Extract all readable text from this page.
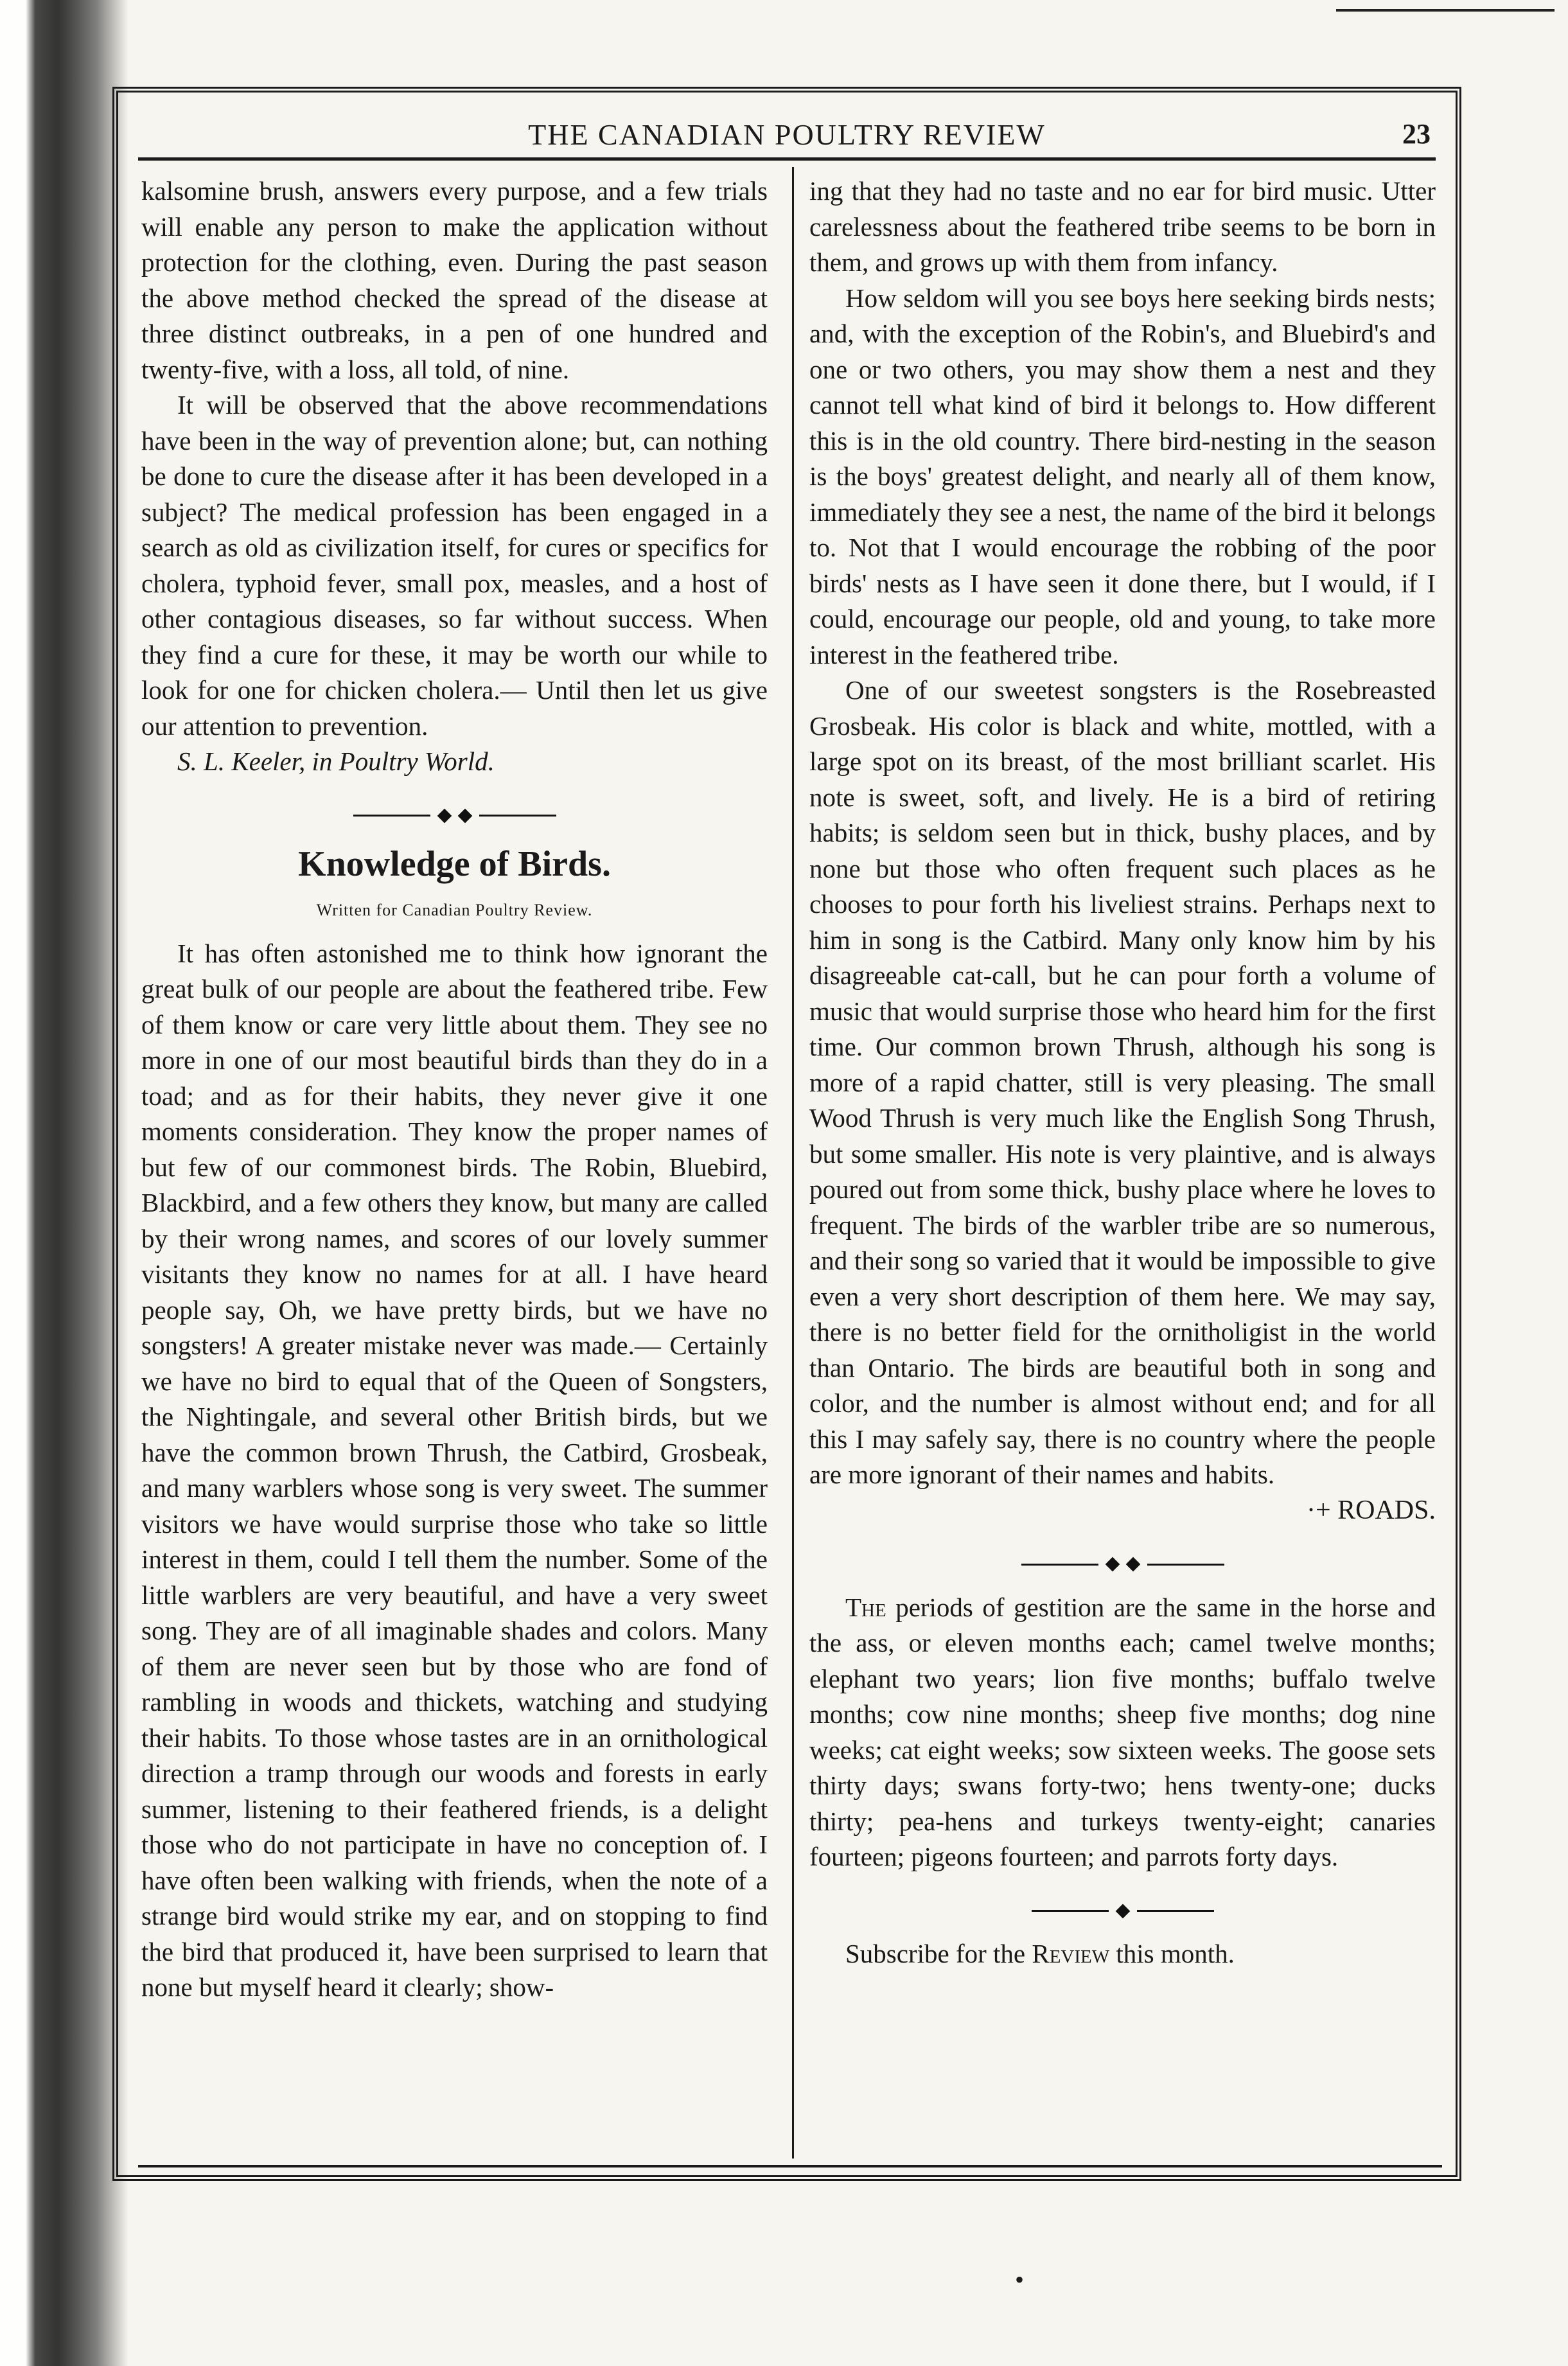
THE CANADIAN POULTRY REVIEW	23

kalsomine brush, answers every purpose, and a few trials will enable any person to make the application without protection for the clothing, even. During the past season the above method checked the spread of the disease at three distinct outbreaks, in a pen of one hundred and twenty-five, with a loss, all told, of nine.

It will be observed that the above recommendations have been in the way of prevention alone; but, can nothing be done to cure the disease after it has been developed in a subject? The medical profession has been engaged in a search as old as civilization itself, for cures or specifics for cholera, typhoid fever, small pox, measles, and a host of other contagious diseases, so far without success. When they find a cure for these, it may be worth our while to look for one for chicken cholera.— Until then let us give our attention to prevention.

S. L. Keeler, in Poultry World.

Knowledge of Birds.
Written for Canadian Poultry Review.

It has often astonished me to think how ignorant the great bulk of our people are about the feathered tribe. Few of them know or care very little about them. They see no more in one of our most beautiful birds than they do in a toad; and as for their habits, they never give it one moments consideration. They know the proper names of but few of our commonest birds. The Robin, Bluebird, Blackbird, and a few others they know, but many are called by their wrong names, and scores of our lovely summer visitants they know no names for at all. I have heard people say, Oh, we have pretty birds, but we have no songsters! A greater mistake never was made.— Certainly we have no bird to equal that of the Queen of Songsters, the Nightingale, and several other British birds, but we have the common brown Thrush, the Catbird, Grosbeak, and many warblers whose song is very sweet. The summer visitors we have would surprise those who take so little interest in them, could I tell them the number. Some of the little warblers are very beautiful, and have a very sweet song. They are of all imaginable shades and colors. Many of them are never seen but by those who are fond of rambling in woods and thickets, watching and studying their habits. To those whose tastes are in an ornithological direction a tramp through our woods and forests in early summer, listening to their feathered friends, is a delight those who do not participate in have no conception of. I have often been walking with friends, when the note of a strange bird would strike my ear, and on stopping to find the bird that produced it, have been surprised to learn that none but myself heard it clearly; show-

ing that they had no taste and no ear for bird music. Utter carelessness about the feathered tribe seems to be born in them, and grows up with them from infancy.

How seldom will you see boys here seeking birds nests; and, with the exception of the Robin's, and Bluebird's and one or two others, you may show them a nest and they cannot tell what kind of bird it belongs to. How different this is in the old country. There bird-nesting in the season is the boys' greatest delight, and nearly all of them know, immediately they see a nest, the name of the bird it belongs to. Not that I would encourage the robbing of the poor birds' nests as I have seen it done there, but I would, if I could, encourage our people, old and young, to take more interest in the feathered tribe.

One of our sweetest songsters is the Rosebreasted Grosbeak. His color is black and white, mottled, with a large spot on its breast, of the most brilliant scarlet. His note is sweet, soft, and lively. He is a bird of retiring habits; is seldom seen but in thick, bushy places, and by none but those who often frequent such places as he chooses to pour forth his liveliest strains. Perhaps next to him in song is the Catbird. Many only know him by his disagreeable cat-call, but he can pour forth a volume of music that would surprise those who heard him for the first time. Our common brown Thrush, although his song is more of a rapid chatter, still is very pleasing. The small Wood Thrush is very much like the English Song Thrush, but some smaller. His note is very plaintive, and is always poured out from some thick, bushy place where he loves to frequent. The birds of the warbler tribe are so numerous, and their song so varied that it would be impossible to give even a very short description of them here. We may say, there is no better field for the ornitholigist in the world than Ontario. The birds are beautiful both in song and color, and the number is almost without end; and for all this I may safely say, there is no country where the people are more ignorant of their names and habits.

·+ ROADS.

The periods of gestition are the same in the horse and the ass, or eleven months each; camel twelve months; elephant two years; lion five months; buffalo twelve months; cow nine months; sheep five months; dog nine weeks; cat eight weeks; sow sixteen weeks. The goose sets thirty days; swans forty-two; hens twenty-one; ducks thirty; pea-hens and turkeys twenty-eight; canaries fourteen; pigeons fourteen; and parrots forty days.

Subscribe for the Review this month.

•
